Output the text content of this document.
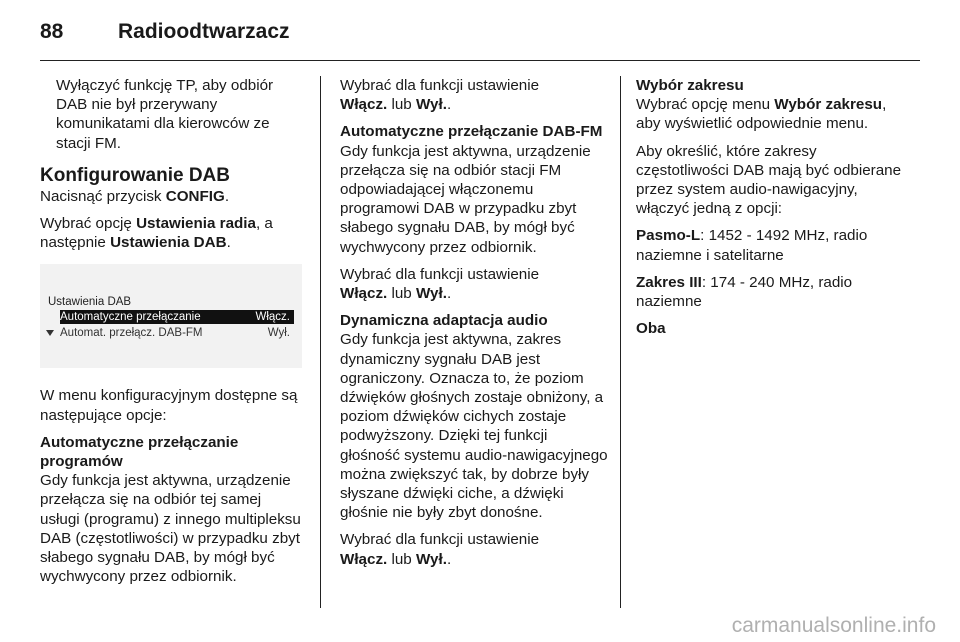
88	Radioodtwarzacz

Wyłączyć funkcję TP, aby odbiór DAB nie był przerywany komunikatami dla kierowców ze stacji FM.

Konfigurowanie DAB

Nacisnąć przycisk CONFIG.

Wybrać opcję Ustawienia radia, a następnie Ustawienia DAB.

Ustawienia DAB
Automatyczne przełączanie	Włącz.
Automat. przełącz. DAB-FM	Wył.

W menu konfiguracyjnym dostępne są następujące opcje:

Automatyczne przełączanie programów

Gdy funkcja jest aktywna, urządzenie przełącza się na odbiór tej samej usługi (programu) z innego multipleksu DAB (częstotliwości) w przypadku zbyt słabego sygnału DAB, by mógł być wychwycony przez odbiornik.

Wybrać dla funkcji ustawienie
Włącz. lub Wył..

Automatyczne przełączanie DAB-FM

Gdy funkcja jest aktywna, urządzenie przełącza się na odbiór stacji FM odpowiadającej włączonemu programowi DAB w przypadku zbyt słabego sygnału DAB, by mógł być wychwycony przez odbiornik.

Wybrać dla funkcji ustawienie
Włącz. lub Wył..

Dynamiczna adaptacja audio

Gdy funkcja jest aktywna, zakres dynamiczny sygnału DAB jest ograniczony. Oznacza to, że poziom dźwięków głośnych zostaje obniżony, a poziom dźwięków cichych zostaje podwyższony. Dzięki tej funkcji głośność systemu audio-nawigacyjnego można zwiększyć tak, by dobrze były słyszane dźwięki ciche, a dźwięki głośnie nie były zbyt donośne.

Wybrać dla funkcji ustawienie
Włącz. lub Wył..

Wybór zakresu

Wybrać opcję menu Wybór zakresu, aby wyświetlić odpowiednie menu.

Aby określić, które zakresy częstotliwości DAB mają być odbierane przez system audio-nawigacyjny, włączyć jedną z opcji:

Pasmo-L: 1452 - 1492 MHz, radio naziemne i satelitarne

Zakres III: 174 - 240 MHz, radio naziemne

Oba

carmanualsonline.info
